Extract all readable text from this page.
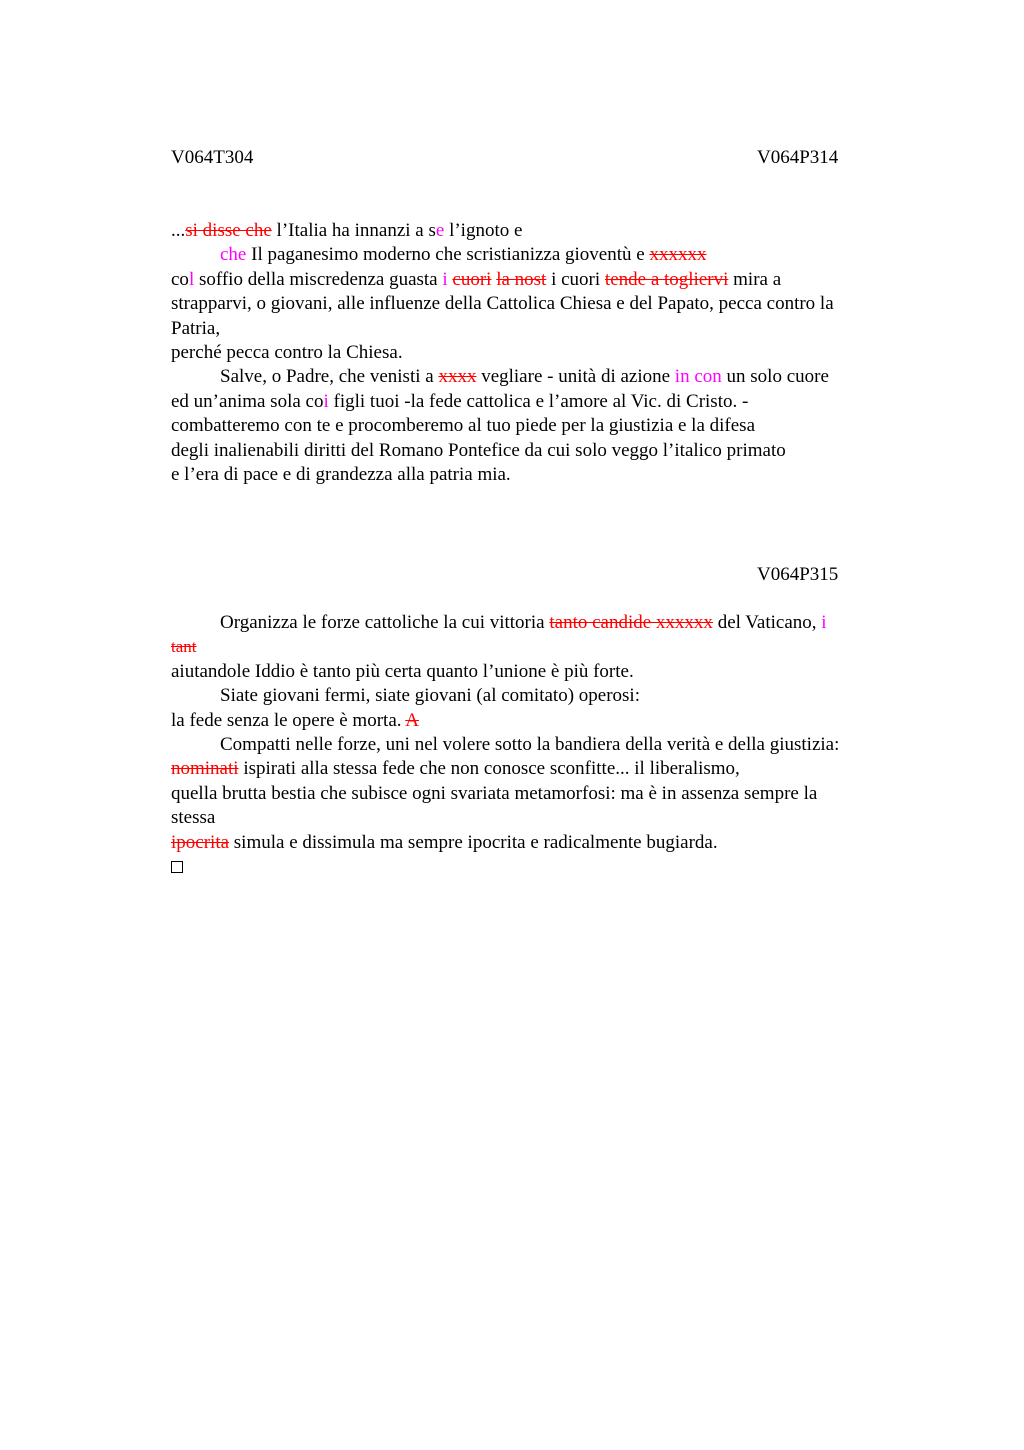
V064T304	V064P314
...si disse che l’Italia ha innanzi a se l’ignoto e
che Il paganesimo moderno che scristianizza gioventù e xxxxxx
col soffio della miscredenza guasta i cuori la nost i cuori tende a togliervi mira a
strapparvi, o giovani, alle influenze della Cattolica Chiesa e del Papato, pecca contro la
Patria,
perché pecca contro la Chiesa.
Salve, o Padre, che venisti a xxxx vegliare - unità di azione in con un solo cuore
ed un’anima sola coi figli tuoi -la fede cattolica e l’amore al Vic. di Cristo. -
combatteremo con te e procomberemo al tuo piede per la giustizia e la difesa
degli inalienabili diritti del Romano Pontefice da cui solo veggo l’italico primato
e l’era di pace e di grandezza alla patria mia.
V064P315
Organizza le forze cattoliche la cui vittoria tanto candide xxxxxx del Vaticano, i
tant
aiutandole Iddio è tanto più certa quanto l’unione è più forte.
Siate giovani fermi, siate giovani (al comitato) operosi:
la fede senza le opere è morta. A
Compatti nelle forze, uni nel volere sotto la bandiera della verità e della giustizia:
nominati ispirati alla stessa fede che non conosce sconfitte... il liberalismo,
quella brutta bestia che subisce ogni svariata metamorfosi: ma è in assenza sempre la
stessa
ipocrita simula e dissimula ma sempre ipocrita e radicalmente bugiarda.
